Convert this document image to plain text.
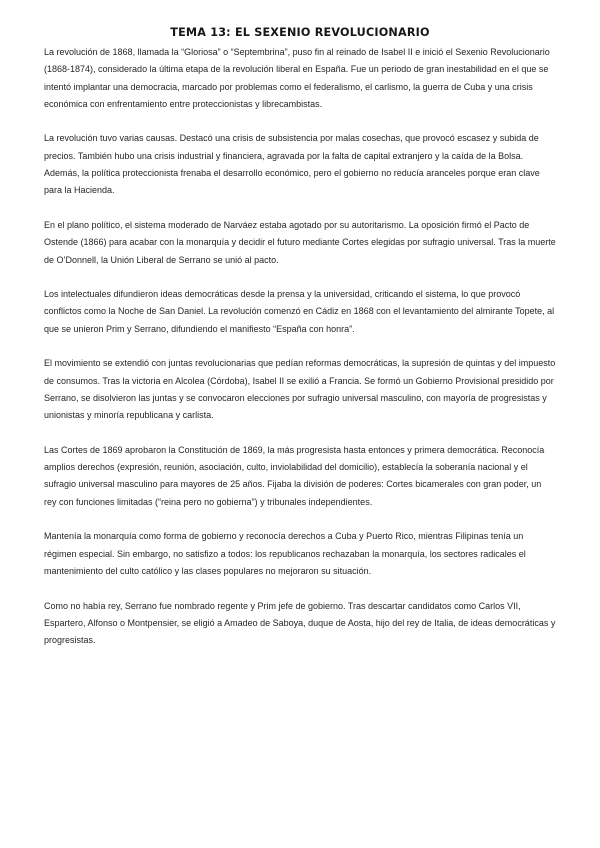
TEMA 13: EL SEXENIO REVOLUCIONARIO

La revolución de 1868, llamada la “Gloriosa” o “Septembrina”, puso fin al reinado de Isabel II e inició el Sexenio Revolucionario (1868-1874), considerado la última etapa de la revolución liberal en España. Fue un periodo de gran inestabilidad en el que se intentó implantar una democracia, marcado por problemas como el federalismo, el carlismo, la guerra de Cuba y una crisis económica con enfrentamiento entre proteccionistas y librecambistas.

La revolución tuvo varias causas. Destacó una crisis de subsistencia por malas cosechas, que provocó escasez y subida de precios. También hubo una crisis industrial y financiera, agravada por la falta de capital extranjero y la caída de la Bolsa. Además, la política proteccionista frenaba el desarrollo económico, pero el gobierno no reducía aranceles porque eran clave para la Hacienda.

En el plano político, el sistema moderado de Narváez estaba agotado por su autoritarismo. La oposición firmó el Pacto de Ostende (1866) para acabar con la monarquía y decidir el futuro mediante Cortes elegidas por sufragio universal. Tras la muerte de O’Donnell, la Unión Liberal de Serrano se unió al pacto.

Los intelectuales difundieron ideas democráticas desde la prensa y la universidad, criticando el sistema, lo que provocó conflictos como la Noche de San Daniel. La revolución comenzó en Cádiz en 1868 con el levantamiento del almirante Topete, al que se unieron Prim y Serrano, difundiendo el manifiesto “España con honra”.

El movimiento se extendió con juntas revolucionarias que pedían reformas democráticas, la supresión de quintas y del impuesto de consumos. Tras la victoria en Alcolea (Córdoba), Isabel II se exilió a Francia. Se formó un Gobierno Provisional presidido por Serrano, se disolvieron las juntas y se convocaron elecciones por sufragio universal masculino, con mayoría de progresistas y unionistas y minoría republicana y carlista.

Las Cortes de 1869 aprobaron la Constitución de 1869, la más progresista hasta entonces y primera democrática. Reconocía amplios derechos (expresión, reunión, asociación, culto, inviolabilidad del domicilio), establecía la soberanía nacional y el sufragio universal masculino para mayores de 25 años. Fijaba la división de poderes: Cortes bicamerales con gran poder, un rey con funciones limitadas (“reina pero no gobierna”) y tribunales independientes.

Mantenía la monarquía como forma de gobierno y reconocía derechos a Cuba y Puerto Rico, mientras Filipinas tenía un régimen especial. Sin embargo, no satisfizo a todos: los republicanos rechazaban la monarquía, los sectores radicales el mantenimiento del culto católico y las clases populares no mejoraron su situación.

Como no había rey, Serrano fue nombrado regente y Prim jefe de gobierno. Tras descartar candidatos como Carlos VII, Espartero, Alfonso o Montpensier, se eligió a Amadeo de Saboya, duque de Aosta, hijo del rey de Italia, de ideas democráticas y progresistas.
